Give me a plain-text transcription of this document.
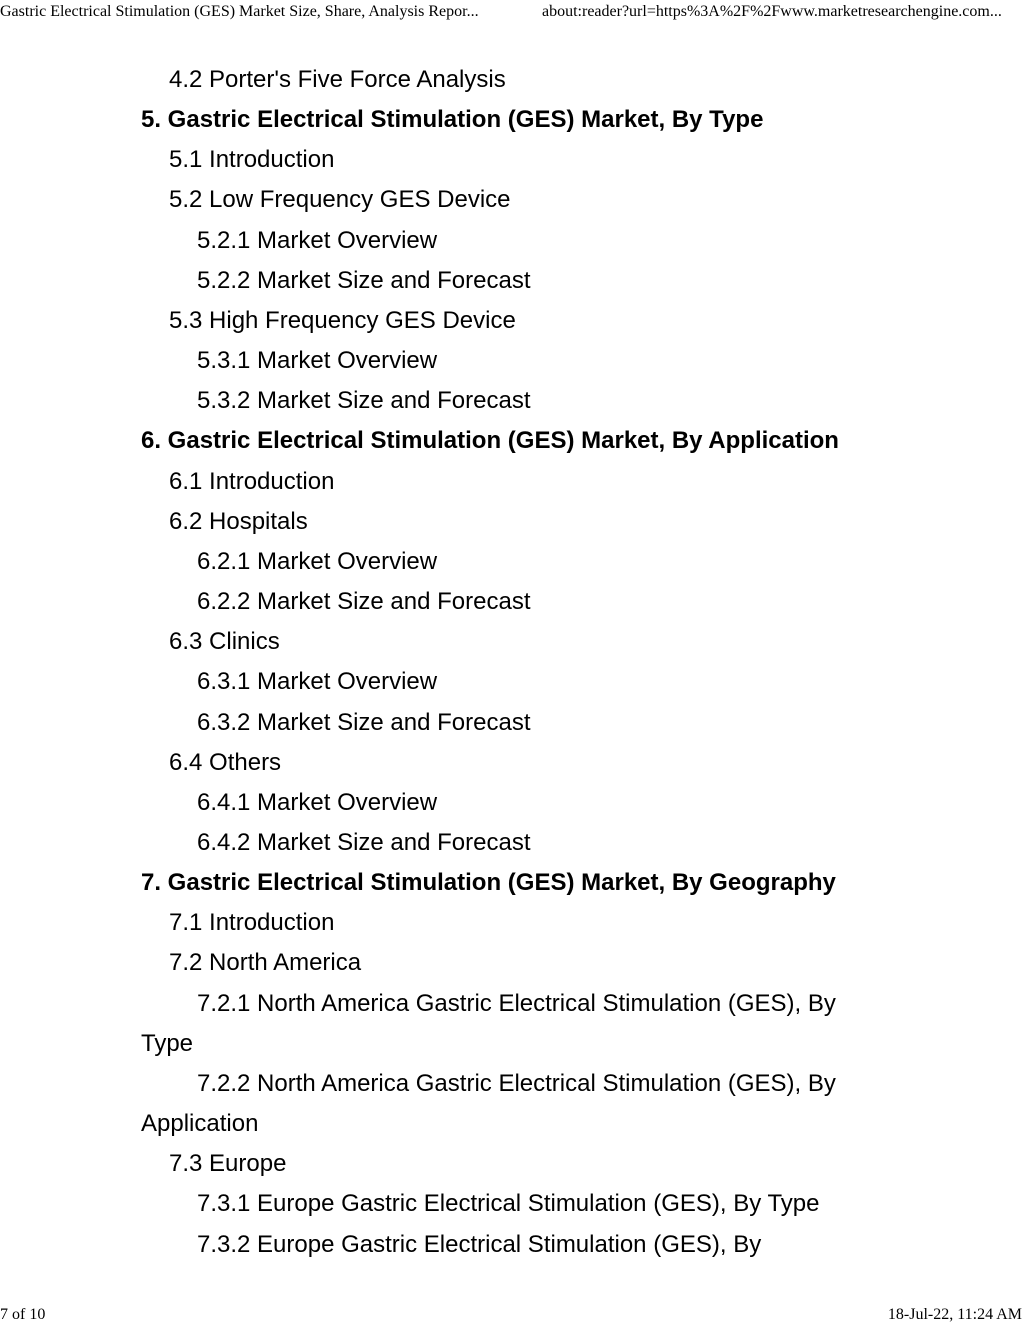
Gastric Electrical Stimulation (GES) Market Size, Share, Analysis Repor...	about:reader?url=https%3A%2F%2Fwww.marketresearchengine.com...

4.2 Porter's Five Force Analysis

5. Gastric Electrical Stimulation (GES) Market, By Type

5.1 Introduction

5.2 Low Frequency GES Device

5.2.1 Market Overview

5.2.2 Market Size and Forecast

5.3 High Frequency GES Device

5.3.1 Market Overview

5.3.2 Market Size and Forecast

6. Gastric Electrical Stimulation (GES) Market, By Application

6.1 Introduction

6.2 Hospitals

6.2.1 Market Overview

6.2.2 Market Size and Forecast

6.3 Clinics

6.3.1 Market Overview

6.3.2 Market Size and Forecast

6.4 Others

6.4.1 Market Overview

6.4.2 Market Size and Forecast

7. Gastric Electrical Stimulation (GES) Market, By Geography

7.1 Introduction

7.2 North America

7.2.1 North America Gastric Electrical Stimulation (GES), By Type

7.2.2 North America Gastric Electrical Stimulation (GES), By Application

7.3 Europe

7.3.1 Europe Gastric Electrical Stimulation (GES), By Type

7.3.2 Europe Gastric Electrical Stimulation (GES), By

7 of 10	18-Jul-22, 11:24 AM
